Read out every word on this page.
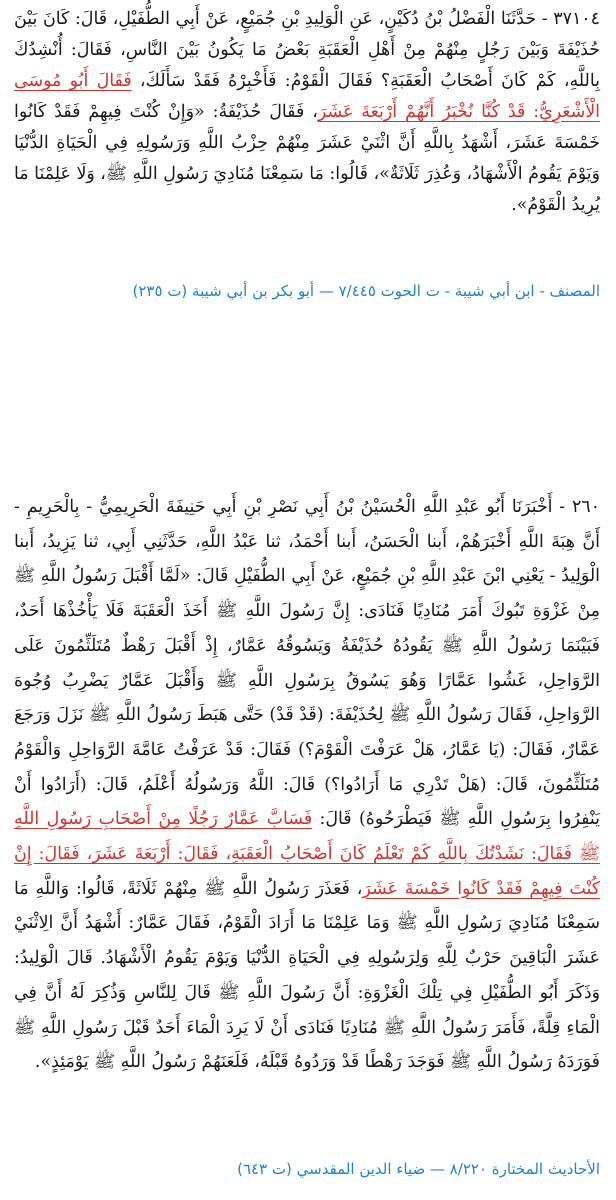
٣٧١٠٤ - حَدَّثَنَا الْفَضْلُ بْنُ دُكَيْنٍ، عَنِ الْوَلِيدِ بْنِ جُمَيْعٍ، عَنْ أَبِي الطُّفَيْلِ، قَالَ: كَانَ بَيْنَ حُذَيْفَةَ وَبَيْنَ رَجُلٍ مِنْهُمْ مِنْ أَهْلِ الْعَقَبَةِ بَعْضُ مَا يَكُونُ بَيْنَ النَّاسِ، فَقَالَ: أُنْشِدُكَ بِاللَّهِ، كَمْ كَانَ أَصْحَابُ الْعَقَبَةِ؟ فَقَالَ الْقَوْمُ: فَأَخْبِرْهُ فَقَدْ سَأَلَكَ، فَقَالَ أَبُو مُوسَى الْأَشْعَرِيُّ: قَدْ كُنَّا نُخْبَرُ أَنَّهُمْ أَرْبَعَةَ عَشَرَ، فَقَالَ حُذَيْفَةُ: «وَإِنْ كُنْتَ فِيهِمْ فَقَدْ كَانُوا خَمْسَةَ عَشَرَ، أَشْهَدُ بِاللَّهِ أَنَّ اثْنَيْ عَشَرَ مِنْهُمْ حِزْبُ اللَّهِ وَرَسُولِهِ فِي الْحَيَاةِ الدُّنْيَا وَيَوْمَ يَقُومُ الْأَشْهَادُ، وَعُذِرَ ثَلَاثَةٌ»، قَالُوا: مَا سَمِعْنَا مُنَادِيَ رَسُولِ اللَّهِ ﷺ، وَلَا عَلِمْنَا مَا يُرِيدُ الْقَوْمُ».
المصنف - ابن أبي شيبة - ت الحوت ٧/٤٤٥ — أبو بكر بن أبي شيبة (ت ٢٣٥)
٢٦٠ - أَخْبَرَنَا أَبُو عَبْدِ اللَّهِ الْحُسَيْنُ بْنُ أَبِي نَصْرِ بْنِ أَبِي حَنِيفَةَ الْحَرِيمِيُّ - بِالْحَرِيمِ - أَنَّ هِبَةَ اللَّهِ أَخْبَرَهُمْ، أَبنا الْحَسَنُ، أَبنا أَحْمَدُ، ثنا عَبْدُ اللَّهِ، حَدَّثَنِي أَبِي، ثنا يَزِيدُ، أَبنا الْوَلِيدُ - يَعْنِي ابْنَ عَبْدِ اللَّهِ بْنِ جُمَيْعٍ، عَنْ أَبِي الطُّفَيْلِ قَالَ: «لَمَّا أَقْبَلَ رَسُولُ اللَّهِ ﷺ مِنْ غَزْوَةِ تَبُوكَ أَمَرَ مُنَادِيًا فَنَادَى: إِنَّ رَسُولَ اللَّهِ ﷺ أَخَذَ الْعَقَبَةَ فَلَا يَأْخُذْهَا أَحَدٌ، فَبَيْنَمَا رَسُولُ اللَّهِ ﷺ يَقُودُهُ حُذَيْفَةُ وَيَسُوقُهُ عَمَّارٌ، إِذْ أَقْبَلَ رَهْطٌ مُتَلَثِّمُونَ عَلَى الرَّوَاحِلِ، غَشُوا عَمَّارًا وَهُوَ يَسُوقُ بِرَسُولِ اللَّهِ ﷺ وَأَقْبَلَ عَمَّارٌ يَضْرِبُ وُجُوهَ الرَّوَاحِلِ، فَقَالَ رَسُولُ اللَّهِ ﷺ لِحُذَيْفَةَ: (قَدْ قَدْ) حَتَّى هَبَطَ رَسُولُ اللَّهِ ﷺ نَزَلَ وَرَجَعَ عَمَّارٌ، فَقَالَ: (يَا عَمَّارُ، هَلْ عَرَفْتَ الْقَوْمَ؟) فَقَالَ: قَدْ عَرَفْتُ عَامَّةَ الرَّوَاحِلِ وَالْقَوْمُ مُتَلَثِّمُونَ، قَالَ: (هَلْ تَدْرِي مَا أَرَادُوا؟) قَالَ: اللَّهُ وَرَسُولُهُ أَعْلَمُ، قَالَ: (أَرَادُوا أَنْ يَنْفِرُوا بِرَسُولِ اللَّهِ ﷺ فَيَطْرَحُوهُ) قَالَ: فَسَابَّ عَمَّارٌ رَجُلًا مِنْ أَصْحَابِ رَسُولِ اللَّهِ ﷺ فَقَالَ: نَشَدْتُكَ بِاللَّهِ كَمْ تَعْلَمُ كَانَ أَصْحَابُ الْعَقَبَةِ، فَقَالَ: أَرْبَعَةَ عَشَرَ، فَقَالَ: إِنْ كُنْتَ فِيهِمْ فَقَدْ كَانُوا خَمْسَةَ عَشَرَ، فَعَذَرَ رَسُولُ اللَّهِ ﷺ مِنْهُمْ ثَلَاثَةً، قَالُوا: وَاللَّهِ مَا سَمِعْنَا مُنَادِيَ رَسُولِ اللَّهِ ﷺ وَمَا عَلِمْنَا مَا أَرَادَ الْقَوْمُ، فَقَالَ عَمَّارٌ: أَشْهَدُ أَنَّ الِاثْنَيْ عَشَرَ الْبَاقِينَ حَرْبٌ لِلَّهِ وَلِرَسُولِهِ فِي الْحَيَاةِ الدُّنْيَا وَيَوْمَ يَقُومُ الْأَشْهَادُ. قَالَ الْوَلِيدُ: وَذَكَرَ أَبُو الطُّفَيْلِ فِي تِلْكَ الْغَزْوَةِ: أَنَّ رَسُولَ اللَّهِ ﷺ قَالَ لِلنَّاسِ وَذُكِرَ لَهُ أَنَّ فِي الْمَاءِ قِلَّةً، فَأَمَرَ رَسُولُ اللَّهِ ﷺ مُنَادِيًا فَنَادَى أَنْ لَا يَرِدَ الْمَاءَ أَحَدٌ قَبْلَ رَسُولِ اللَّهِ ﷺ فَوَرَدَهُ رَسُولُ اللَّهِ ﷺ فَوَجَدَ رَهْطًا قَدْ وَرَدُوهُ قَبْلَهُ، فَلَعَنَهُمْ رَسُولُ اللَّهِ ﷺ يَوْمَئِذٍ».
الأحاديث المختارة ٨/٢٢٠ — ضياء الدين المقدسي (ت ٦٤٣)
